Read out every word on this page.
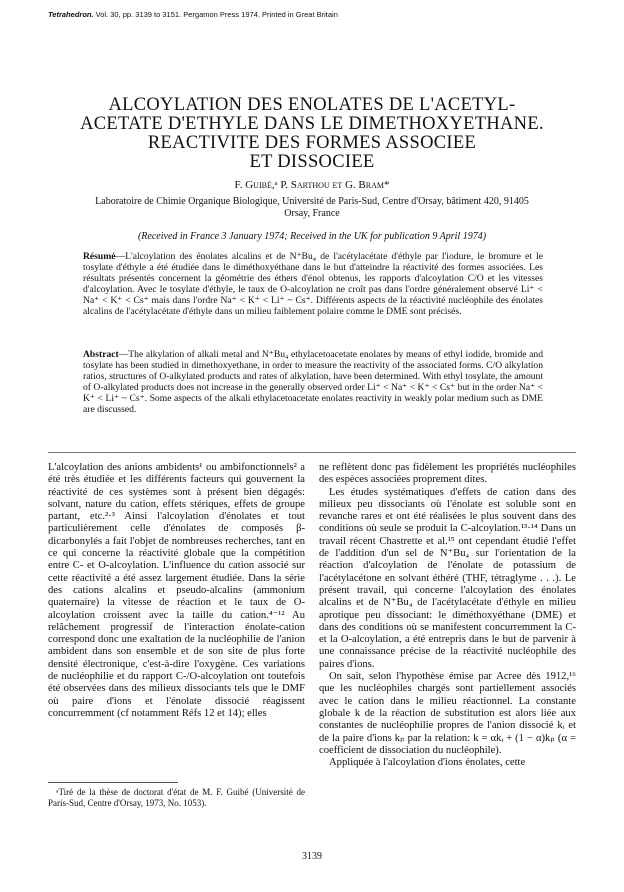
Tetrahedron. Vol. 30, pp. 3139 to 3151. Pergamon Press 1974. Printed in Great Britain
ALCOYLATION DES ENOLATES DE L'ACETYL-
ACETATE D'ETHYLE DANS LE DIMETHOXYETHANE.
REACTIVITE DES FORMES ASSOCIEE
ET DISSOCIEE
F. Guibé,ᵃ P. Sarthou et G. Bram*
Laboratoire de Chimie Organique Biologique, Université de Paris-Sud, Centre d'Orsay, bâtiment 420, 91405 Orsay, France
(Received in France 3 January 1974; Received in the UK for publication 9 April 1974)
Résumé—L'alcoylation des énolates alcalins et de N⁺Bu₄ de l'acétylacétate d'éthyle par l'iodure, le bromure et le tosylate d'éthyle a été étudiée dans le diméthoxyéthane dans le but d'atteindre la réactivité des formes associées. Les résultats présentés concernent la géométrie des éthers d'énol obtenus, les rapports d'alcoylation C/O et les vitesses d'alcoylation. Avec le tosylate d'éthyle, le taux de O-alcoylation ne croît pas dans l'ordre généralement observé Li⁺ < Na⁺ < K⁺ < Cs⁺ mais dans l'ordre Na⁺ < K⁺ < Li⁺ ~ Cs⁺. Différents aspects de la réactivité nucléophile des énolates alcalins de l'acétylacétate d'éthyle dans un milieu faiblement polaire comme le DME sont précisés.
Abstract—The alkylation of alkali metal and N⁺Bu₄ ethylacetoacetate enolates by means of ethyl iodide, bromide and tosylate has been studied in dimethoxyethane, in order to measure the reactivity of the associated forms. C/O alkylation ratios, structures of O-alkylated products and rates of alkylation, have been determined. With ethyl tosylate, the amount of O-alkylated products does not increase in the generally observed order Li⁺ < Na⁺ < K⁺ < Cs⁺ but in the order Na⁺ < K⁺ < Li⁺ ~ Cs⁺. Some aspects of the alkali ethylacetoacetate enolates reactivity in weakly polar medium such as DME are discussed.

L'alcoylation des anions ambidents¹ ou ambifonctionnels² a été très étudiée et les différents facteurs qui gouvernent la réactivité de ces systèmes sont à présent bien dégagés: solvant, nature du cation, effets stériques, effets de groupe partant, etc.²·³ Ainsi l'alcoylation d'énolates et tout particulièrement celle d'énolates de composés β-dicarbonylés a fait l'objet de nombreuses recherches, tant en ce qui concerne la réactivité globale que la compétition entre C- et O-alcoylation. L'influence du cation associé sur cette réactivité a été assez largement étudiée. Dans la série des cations alcalins et pseudo-alcalins (ammonium quaternaire) la vitesse de réaction et le taux de O-alcoylation croissent avec la taille du cation.⁴⁻¹² Au relâchement progressif de l'interaction énolate-cation correspond donc une exaltation de la nucléophilie de l'anion ambident dans son ensemble et de son site de plus forte densité électronique, c'est-à-dire l'oxygène. Ces variations de nucléophilie et du rapport C-/O-alcoylation ont toutefois été observées dans des milieux dissociants tels que le DMF où paire d'ions et l'énolate dissocié réagissent concurremment (cf notamment Réfs 12 et 14); elles

ne reflètent donc pas fidèlement les propriétés nucléophiles des espèces associées proprement dites.

Les études systématiques d'effets de cation dans des milieux peu dissociants où l'énolate est soluble sont en revanche rares et ont été réalisées le plus souvent dans des conditions où seule se produit la C-alcoylation.¹³·¹⁴ Dans un travail récent Chastrette et al.¹⁵ ont cependant étudié l'effet de l'addition d'un sel de N⁺Bu₄ sur l'orientation de la réaction d'alcoylation de l'énolate de potassium de l'acétylacétone en solvant éthéré (THF, tétraglyme . . .). Le présent travail, qui concerne l'alcoylation des énolates alcalins et de N⁺Bu₄ de l'acétylacétate d'éthyle en milieu aprotique peu dissociant: le diméthoxyéthane (DME) et dans des conditions où se manifestent concurremment la C- et la O-alcoylation, a été entrepris dans le but de parvenir à une connaissance précise de la réactivité nucléophile des paires d'ions.

On sait, selon l'hypothèse émise par Acree dès 1912,¹⁶ que les nucléophiles chargés sont partiellement associés avec le cation dans le milieu réactionnel. La constante globale k de la réaction de substitution est alors liée aux constantes de nucléophilie propres de l'anion dissocié kᵢ et de la paire d'ions kₚ par la relation: k = αkᵢ + (1 − α)kₚ (α = coefficient de dissociation du nucléophile).

Appliquée à l'alcoylation d'ions énolates, cette

ᵃTiré de la thèse de doctorat d'état de M. F. Guibé (Université de Paris-Sud, Centre d'Orsay, 1973, No. 1053).
3139
